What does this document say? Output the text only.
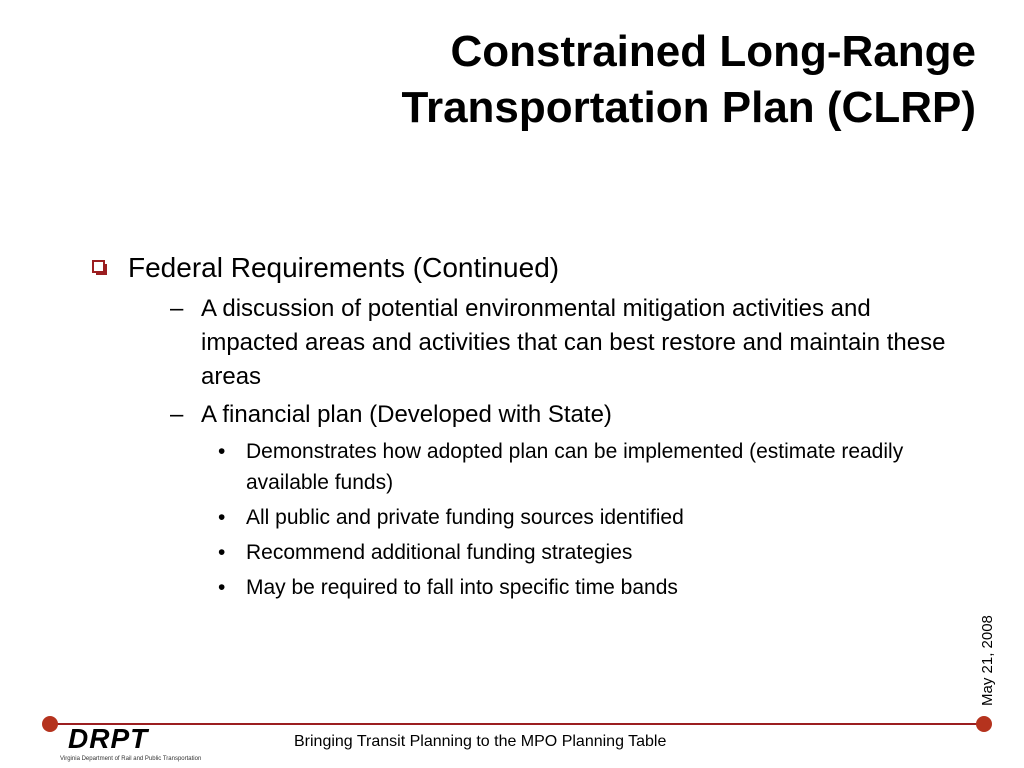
Constrained Long-Range
Transportation Plan (CLRP)
Federal Requirements (Continued)
– A discussion of potential environmental mitigation activities and impacted areas and activities that can best restore and maintain these areas
– A financial plan (Developed with State)
• Demonstrates how adopted plan can be implemented (estimate readily available funds)
• All public and private funding sources identified
• Recommend additional funding strategies
• May be required to fall into specific time bands
May 21, 2008
DRPT
Virginia Department of Rail and Public Transportation
Bringing Transit Planning to the MPO Planning Table
